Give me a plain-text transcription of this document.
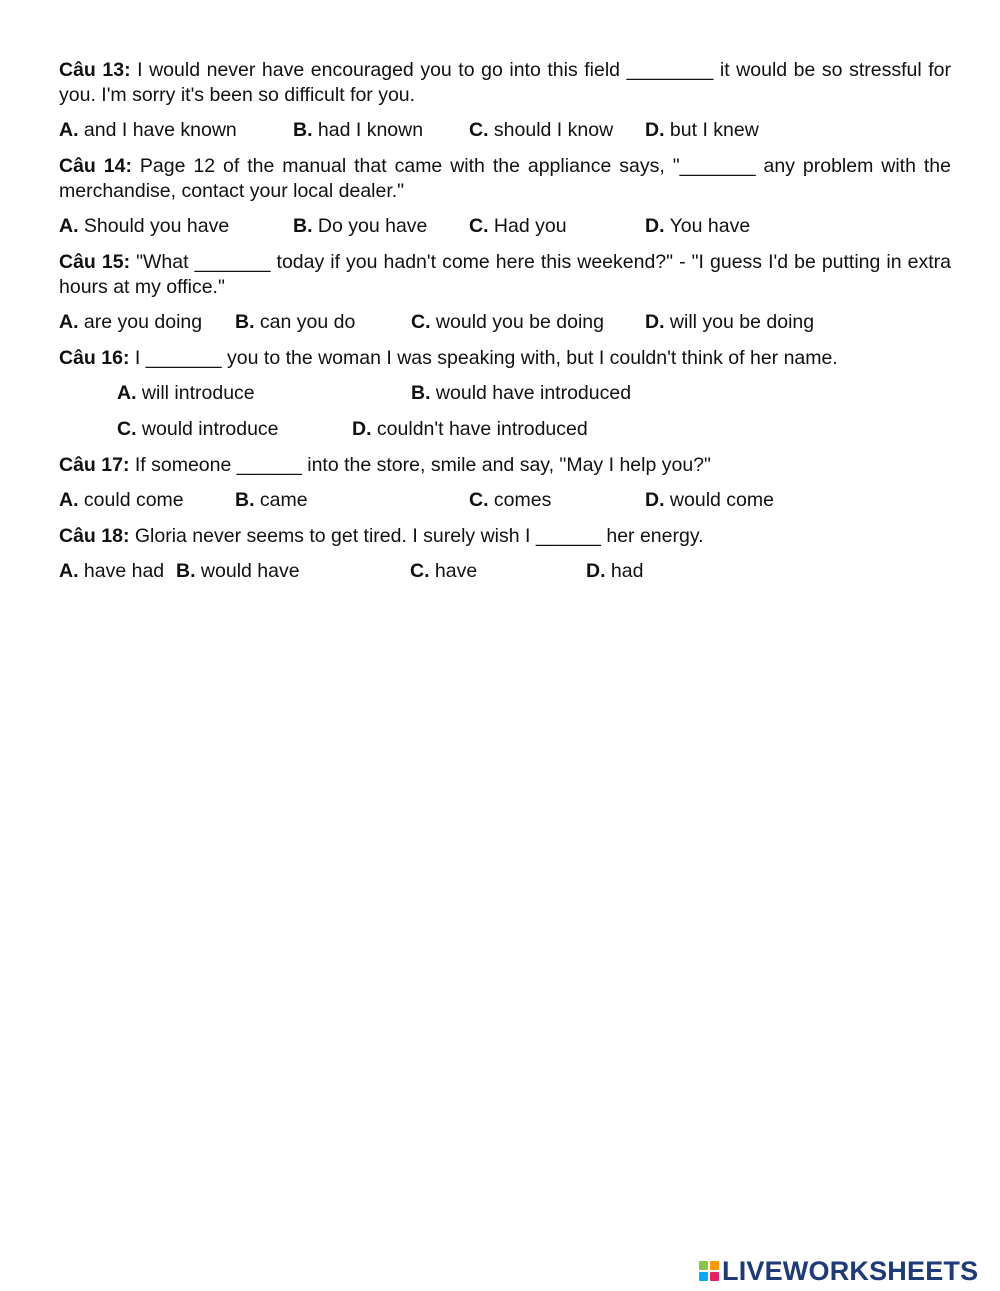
Câu 13: I would never have encouraged you to go into this field ________ it would be so stressful for you. I'm sorry it's been so difficult for you.

A. and I have known	B. had I known	C. should I know	D. but I knew

Câu 14: Page 12 of the manual that came with the appliance says, "_______ any problem with the merchandise, contact your local dealer."

A. Should you have	B. Do you have	C. Had you	D. You have

Câu 15: "What _______ today if you hadn't come here this weekend?" - "I guess I'd be putting in extra hours at my office."

A. are you doing	B. can you do	C. would you be doing	D. will you be doing

Câu 16: I _______ you to the woman I was speaking with, but I couldn't think of her name.

A. will introduce	B. would have introduced
C. would introduce	D. couldn't have introduced

Câu 17: If someone ______ into the store, smile and say, "May I help you?"

A. could come	B. came	C. comes	D. would come

Câu 18: Gloria never seems to get tired. I surely wish I ______ her energy.

A. have had B. would have	C. have	D. had
LIVEWORKSHEETS
